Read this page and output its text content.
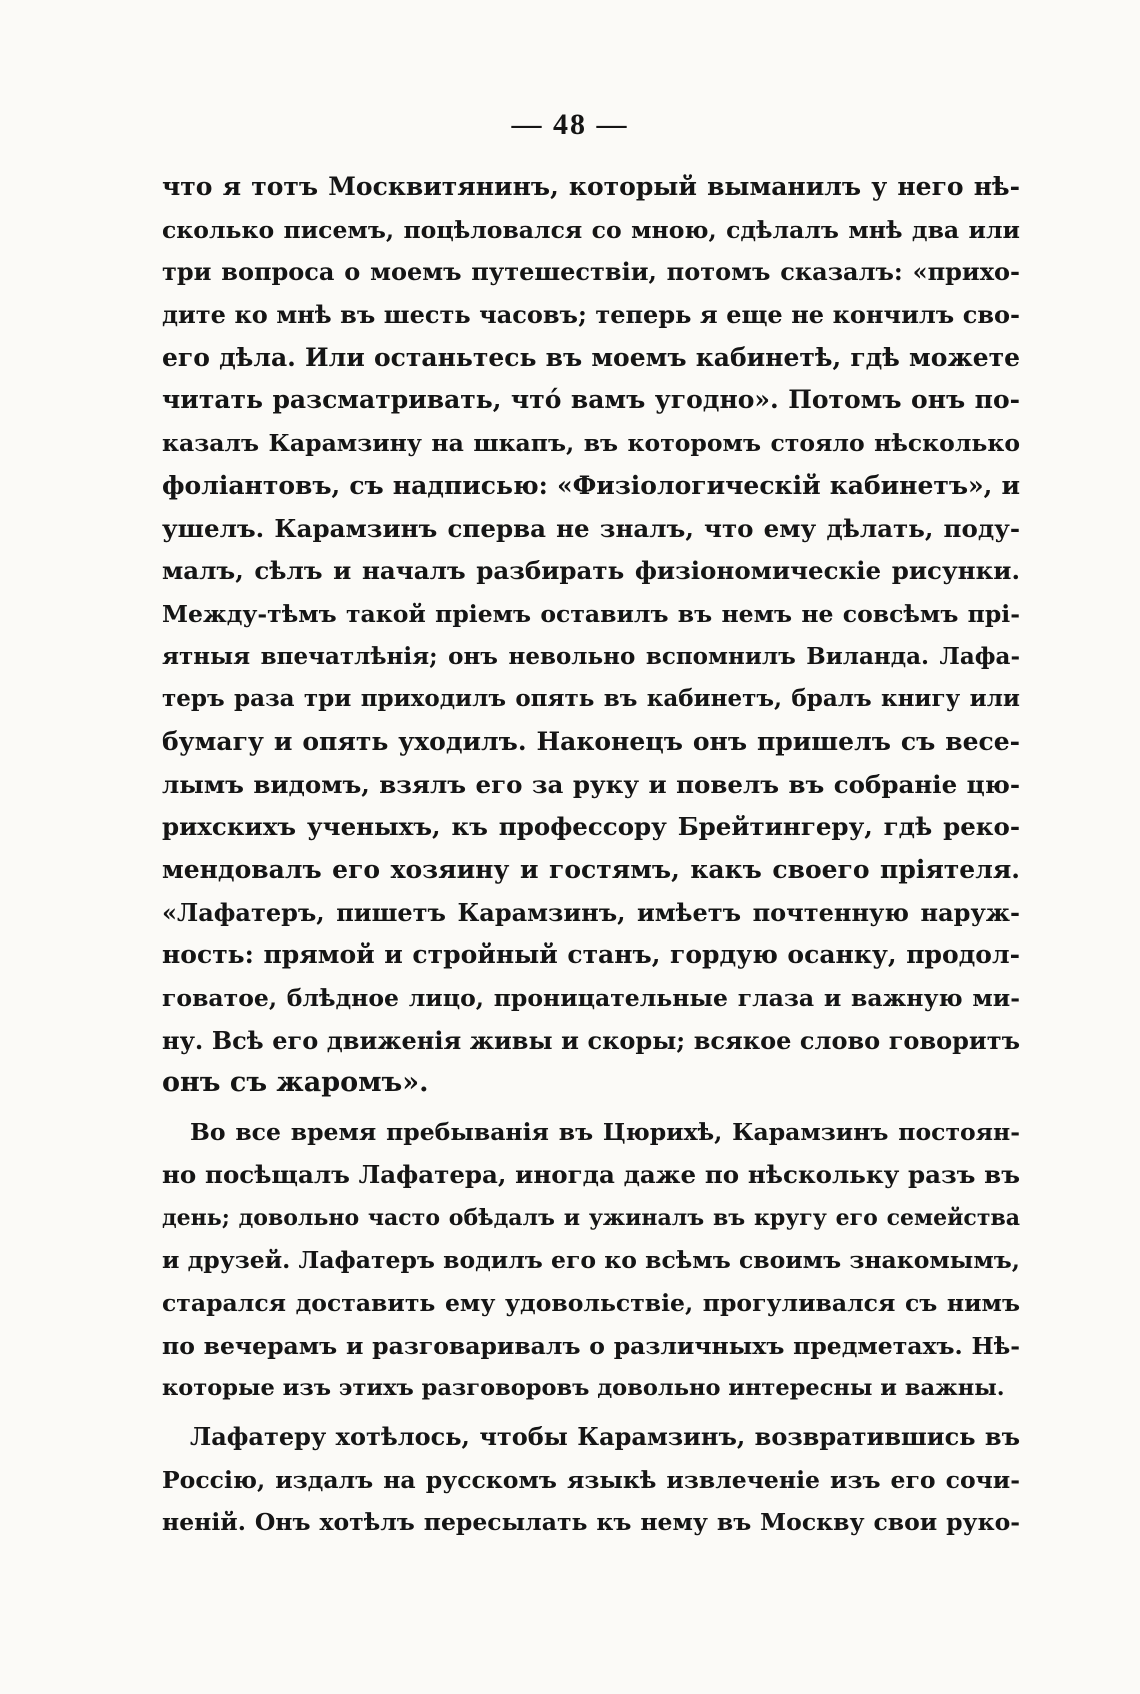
— 48 —
что я тотъ Москвитянинъ, который выманилъ у него нѣ-
сколько писемъ, поцѣловался со мною, сдѣлалъ мнѣ два или
три вопроса о моемъ путешествіи, потомъ сказалъ: «прихо-
дите ко мнѣ въ шесть часовъ; теперь я еще не кончилъ сво-
его дѣла. Или останьтесь въ моемъ кабинетѣ, гдѣ можете
читать разсматривать, что́ вамъ угодно». Потомъ онъ по-
казалъ Карамзину на шкапъ, въ которомъ стояло нѣсколько
фоліантовъ, съ надписью: «Физіологическій кабинетъ», и
ушелъ. Карамзинъ сперва не зналъ, что ему дѣлать, поду-
малъ, сѣлъ и началъ разбирать физіономическіе рисунки.
Между-тѣмъ такой пріемъ оставилъ въ немъ не совсѣмъ прі-
ятныя впечатлѣнія; онъ невольно вспомнилъ Виланда. Лафа-
теръ раза три приходилъ опять въ кабинетъ, бралъ книгу или
бумагу и опять уходилъ. Наконецъ онъ пришелъ съ весе-
лымъ видомъ, взялъ его за руку и повелъ въ собраніе цю-
рихскихъ ученыхъ, къ профессору Брейтингеру, гдѣ реко-
мендовалъ его хозяину и гостямъ, какъ своего пріятеля.
«Лафатеръ, пишетъ Карамзинъ, имѣетъ почтенную наруж-
ность: прямой и стройный станъ, гордую осанку, продол-
говатое, блѣдное лицо, проницательные глаза и важную ми-
ну. Всѣ его движенія живы и скоры; всякое слово говоритъ
онъ съ жаромъ».
Во все время пребыванія въ Цюрихѣ, Карамзинъ постоян-
но посѣщалъ Лафатера, иногда даже по нѣскольку разъ въ
день; довольно часто обѣдалъ и ужиналъ въ кругу его семейства
и друзей. Лафатеръ водилъ его ко всѣмъ своимъ знакомымъ,
старался доставить ему удовольствіе, прогуливался съ нимъ
по вечерамъ и разговаривалъ о различныхъ предметахъ. Нѣ-
которые изъ этихъ разговоровъ довольно интересны и важны.
Лафатеру хотѣлось, чтобы Карамзинъ, возвратившись въ
Россію, издалъ на русскомъ языкѣ извлеченіе изъ его сочи-
неній. Онъ хотѣлъ пересылать къ нему въ Москву свои руко-
